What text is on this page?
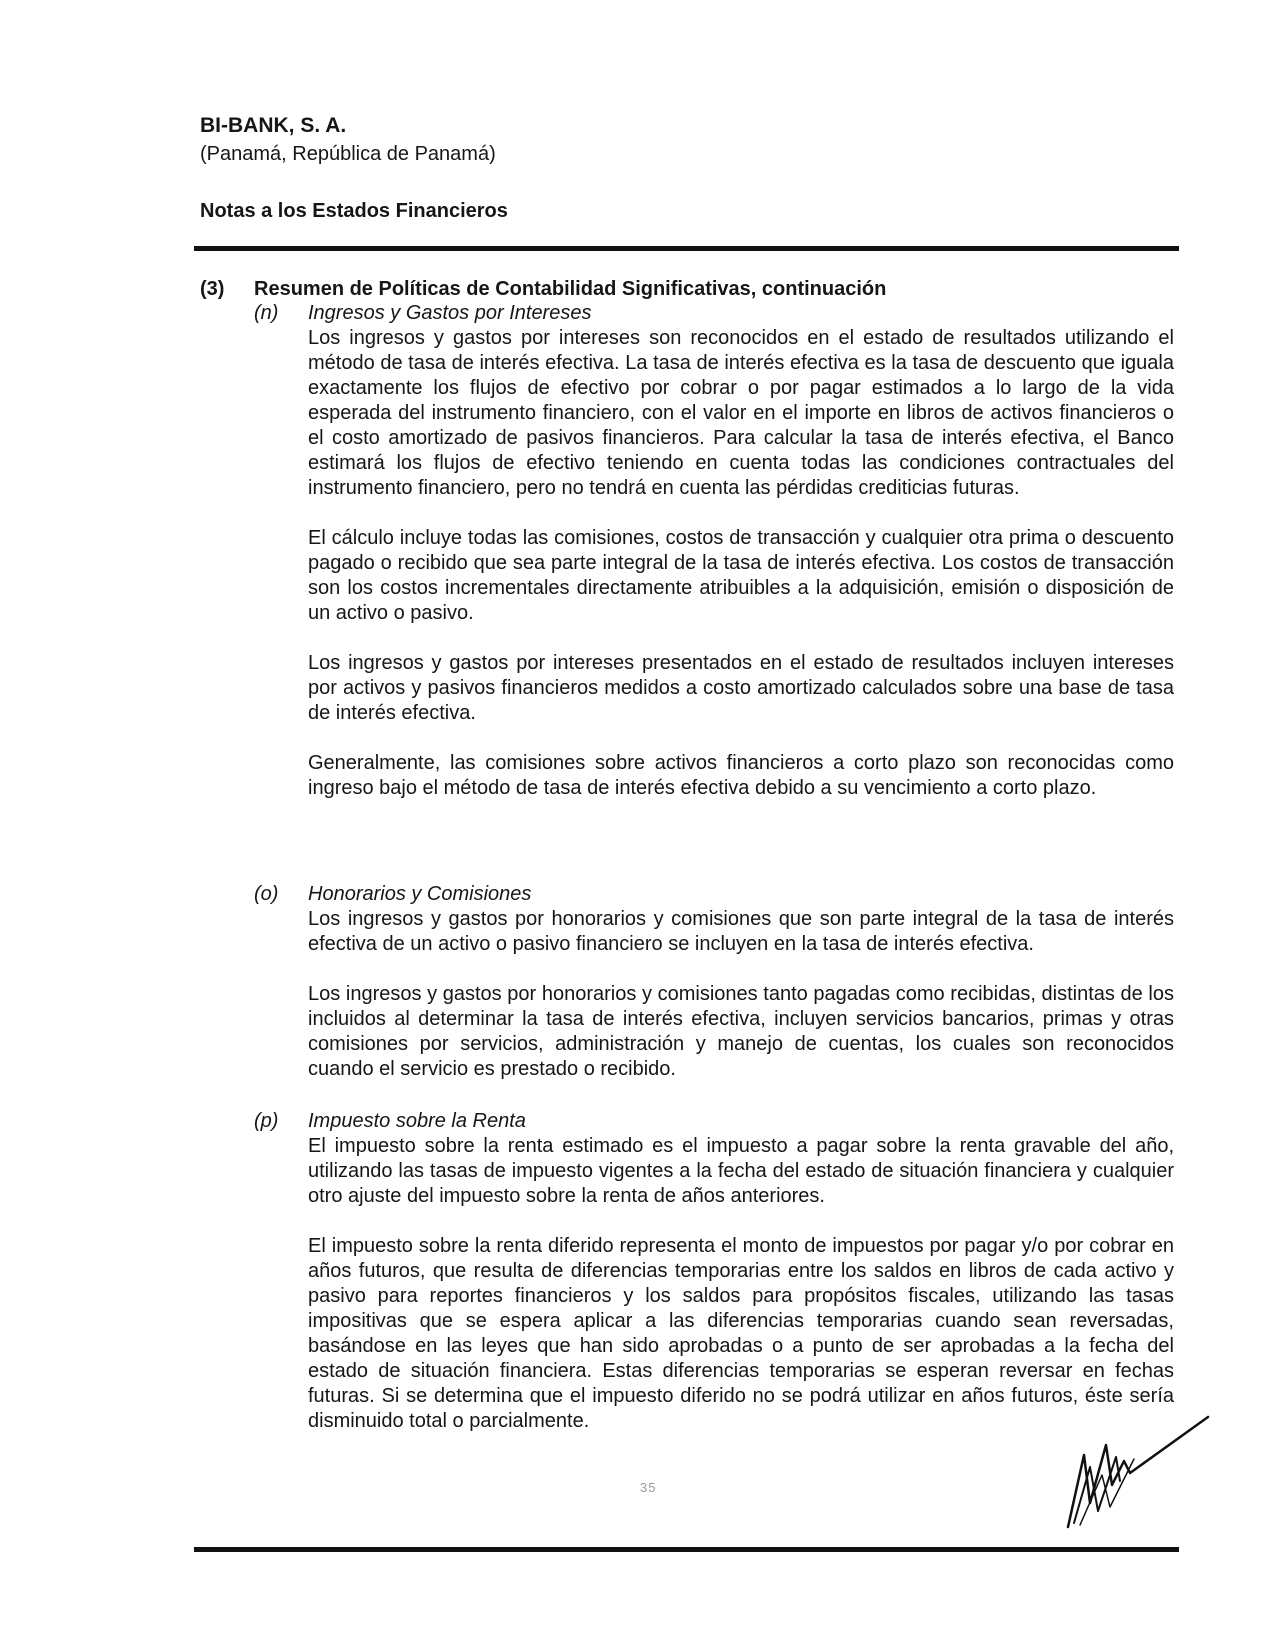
BI-BANK, S. A.
(Panamá, República de Panamá)
Notas a los Estados Financieros
(3) Resumen de Políticas de Contabilidad Significativas, continuación
(n) Ingresos y Gastos por Intereses

Los ingresos y gastos por intereses son reconocidos en el estado de resultados utilizando el método de tasa de interés efectiva. La tasa de interés efectiva es la tasa de descuento que iguala exactamente los flujos de efectivo por cobrar o por pagar estimados a lo largo de la vida esperada del instrumento financiero, con el valor en el importe en libros de activos financieros o el costo amortizado de pasivos financieros. Para calcular la tasa de interés efectiva, el Banco estimará los flujos de efectivo teniendo en cuenta todas las condiciones contractuales del instrumento financiero, pero no tendrá en cuenta las pérdidas crediticias futuras.

El cálculo incluye todas las comisiones, costos de transacción y cualquier otra prima o descuento pagado o recibido que sea parte integral de la tasa de interés efectiva. Los costos de transacción son los costos incrementales directamente atribuibles a la adquisición, emisión o disposición de un activo o pasivo.

Los ingresos y gastos por intereses presentados en el estado de resultados incluyen intereses por activos y pasivos financieros medidos a costo amortizado calculados sobre una base de tasa de interés efectiva.

Generalmente, las comisiones sobre activos financieros a corto plazo son reconocidas como ingreso bajo el método de tasa de interés efectiva debido a su vencimiento a corto plazo.

(o) Honorarios y Comisiones

Los ingresos y gastos por honorarios y comisiones que son parte integral de la tasa de interés efectiva de un activo o pasivo financiero se incluyen en la tasa de interés efectiva.

Los ingresos y gastos por honorarios y comisiones tanto pagadas como recibidas, distintas de los incluidos al determinar la tasa de interés efectiva, incluyen servicios bancarios, primas y otras comisiones por servicios, administración y manejo de cuentas, los cuales son reconocidos cuando el servicio es prestado o recibido.

(p) Impuesto sobre la Renta

El impuesto sobre la renta estimado es el impuesto a pagar sobre la renta gravable del año, utilizando las tasas de impuesto vigentes a la fecha del estado de situación financiera y cualquier otro ajuste del impuesto sobre la renta de años anteriores.

El impuesto sobre la renta diferido representa el monto de impuestos por pagar y/o por cobrar en años futuros, que resulta de diferencias temporarias entre los saldos en libros de cada activo y pasivo para reportes financieros y los saldos para propósitos fiscales, utilizando las tasas impositivas que se espera aplicar a las diferencias temporarias cuando sean reversadas, basándose en las leyes que han sido aprobadas o a punto de ser aprobadas a la fecha del estado de situación financiera. Estas diferencias temporarias se esperan reversar en fechas futuras. Si se determina que el impuesto diferido no se podrá utilizar en años futuros, éste sería disminuido total o parcialmente.

35
